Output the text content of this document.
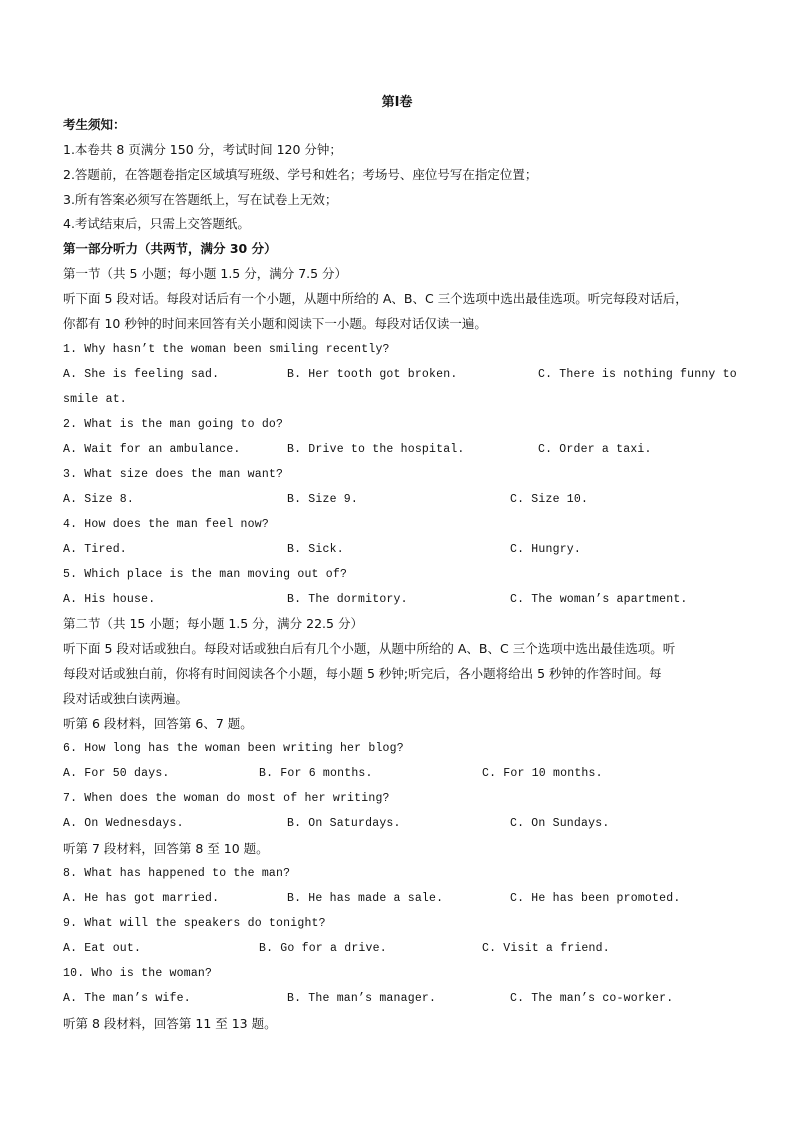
第Ⅰ卷
考生须知：
1.本卷共 8 页满分 150 分，考试时间 120 分钟；
2.答题前，在答题卷指定区域填写班级、学号和姓名；考场号、座位号写在指定位置；
3.所有答案必须写在答题纸上，写在试卷上无效；
4.考试结束后，只需上交答题纸。
第一部分听力（共两节，满分 30 分）
第一节（共 5 小题；每小题 1.5 分，满分 7.5 分）
听下面 5 段对话。每段对话后有一个小题，从题中所给的 A、B、C 三个选项中选出最佳选项。听完每段对话后，
你都有 10 秒钟的时间来回答有关小题和阅读下一小题。每段对话仅读一遍。
1. Why hasn’t the woman been smiling recently?
A. She is feeling sad.	B. Her tooth got broken.	C. There is nothing funny to
smile at.
2. What is the man going to do?
A. Wait for an ambulance.	B. Drive to the hospital.	C. Order a taxi.
3. What size does the man want?
A. Size 8.	B. Size 9.	C. Size 10.
4. How does the man feel now?
A. Tired.	B. Sick.	C. Hungry.
5. Which place is the man moving out of?
A. His house.	B. The dormitory.	C. The woman’s apartment.
第二节（共 15 小题；每小题 1.5 分，满分 22.5 分）
听下面 5 段对话或独白。每段对话或独白后有几个小题，从题中所给的 A、B、C 三个选项中选出最佳选项。听
每段对话或独白前，你将有时间阅读各个小题，每小题 5 秒钟;听完后，各小题将给出 5 秒钟的作答时间。每
段对话或独白读两遍。
听第 6 段材料，回答第 6、7 题。
6. How long has the woman been writing her blog?
A. For 50 days.	B. For 6 months.	C. For 10 months.
7. When does the woman do most of her writing?
A. On Wednesdays.	B. On Saturdays.	C. On Sundays.
听第 7 段材料，回答第 8 至 10 题。
8. What has happened to the man?
A. He has got married.	B. He has made a sale.	C. He has been promoted.
9. What will the speakers do tonight?
A. Eat out.	B. Go for a drive.	C. Visit a friend.
10. Who is the woman?
A. The man’s wife.	B. The man’s manager.	C. The man’s co-worker.
听第 8 段材料，回答第 11 至 13 题。
